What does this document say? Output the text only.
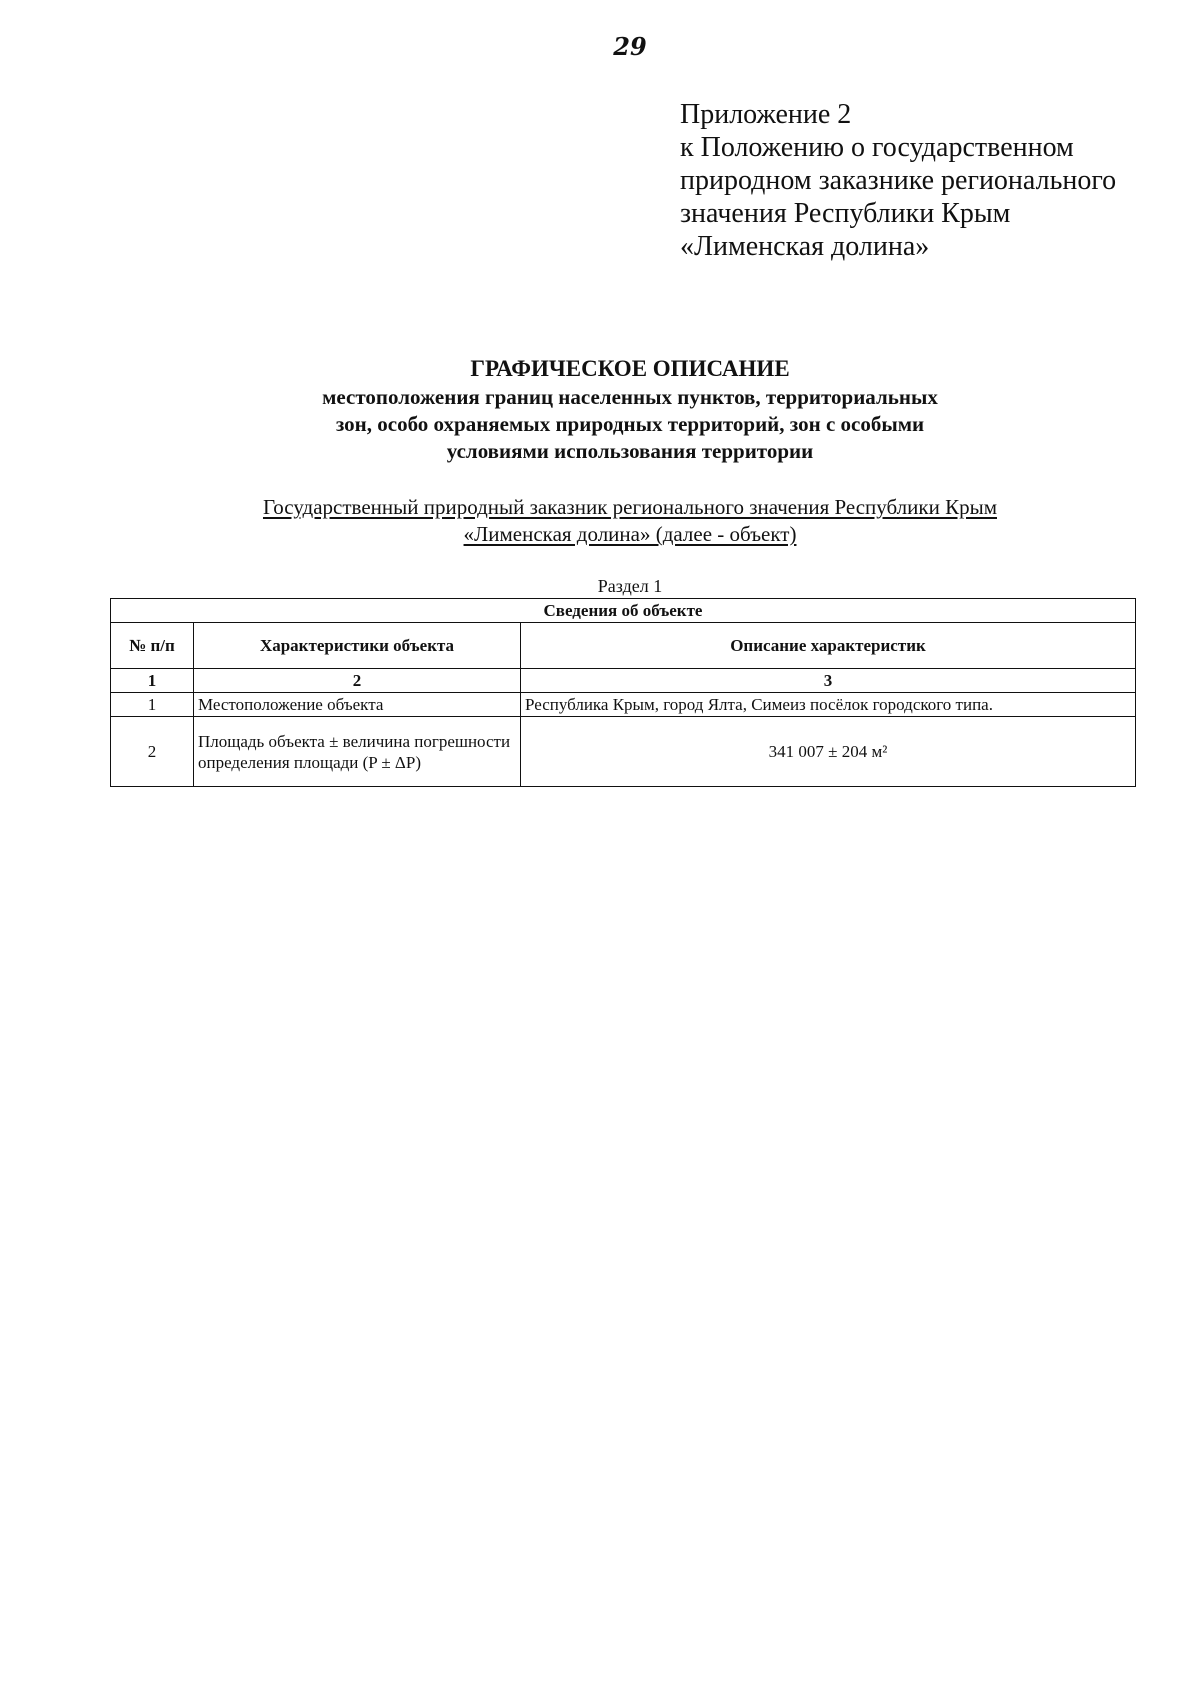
29
Приложение 2
к Положению о государственном
природном заказнике регионального
значения Республики Крым
«Лименская долина»
ГРАФИЧЕСКОЕ ОПИСАНИЕ
местоположения границ населенных пунктов, территориальных
зон, особо охраняемых природных территорий, зон с особыми
условиями использования территории
Государственный природный заказник регионального значения Республики Крым
«Лименская долина» (далее - объект)
Раздел 1
Сведения об объекте		
№ п/п	Характеристики объекта	Описание характеристик
1	2	3
1	Местоположение объекта	Республика Крым, город Ялта, Симеиз посёлок городского типа.
2	Площадь объекта ± величина погрешности определения площади (P ± ΔP)	341 007 ± 204 м²
